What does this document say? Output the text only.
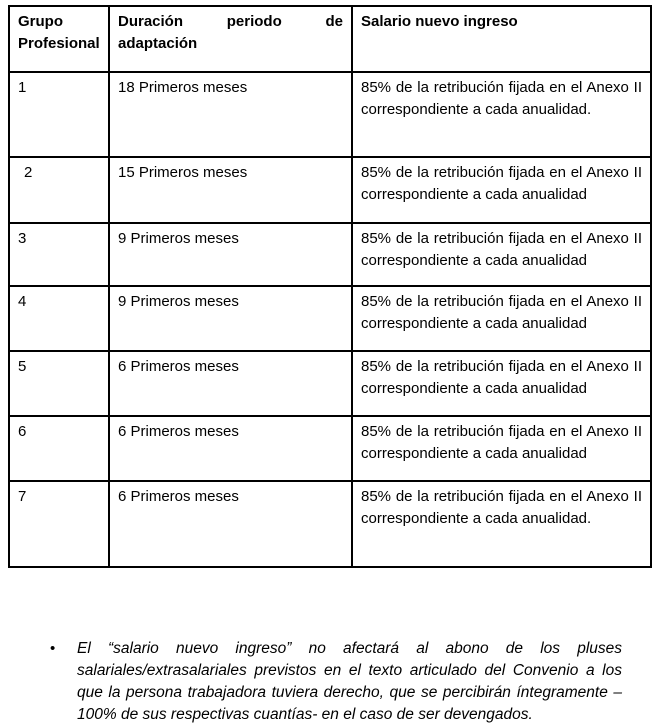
Grupo Profesional	Duración periodo de adaptación	Salario nuevo ingreso
1	18 Primeros meses	85% de la retribución fijada en el Anexo II correspondiente a cada anualidad.
2	15 Primeros meses	85% de la retribución fijada en el Anexo II correspondiente a cada anualidad
3	9 Primeros meses	85% de la retribución fijada en el Anexo II correspondiente a cada anualidad
4	9 Primeros meses	85% de la retribución fijada en el Anexo II correspondiente a cada anualidad
5	6 Primeros meses	85% de la retribución fijada en el Anexo II correspondiente a cada anualidad
6	6 Primeros meses	85% de la retribución fijada en el Anexo II correspondiente a cada anualidad
7	6 Primeros meses	85% de la retribución fijada en el Anexo II correspondiente a cada anualidad.
•	El “salario nuevo ingreso” no afectará al abono de los pluses salariales/extrasalariales previstos en el texto articulado del Convenio a los que la persona trabajadora tuviera derecho, que se percibirán íntegramente – 100% de sus respectivas cuantías- en el caso de ser devengados.
